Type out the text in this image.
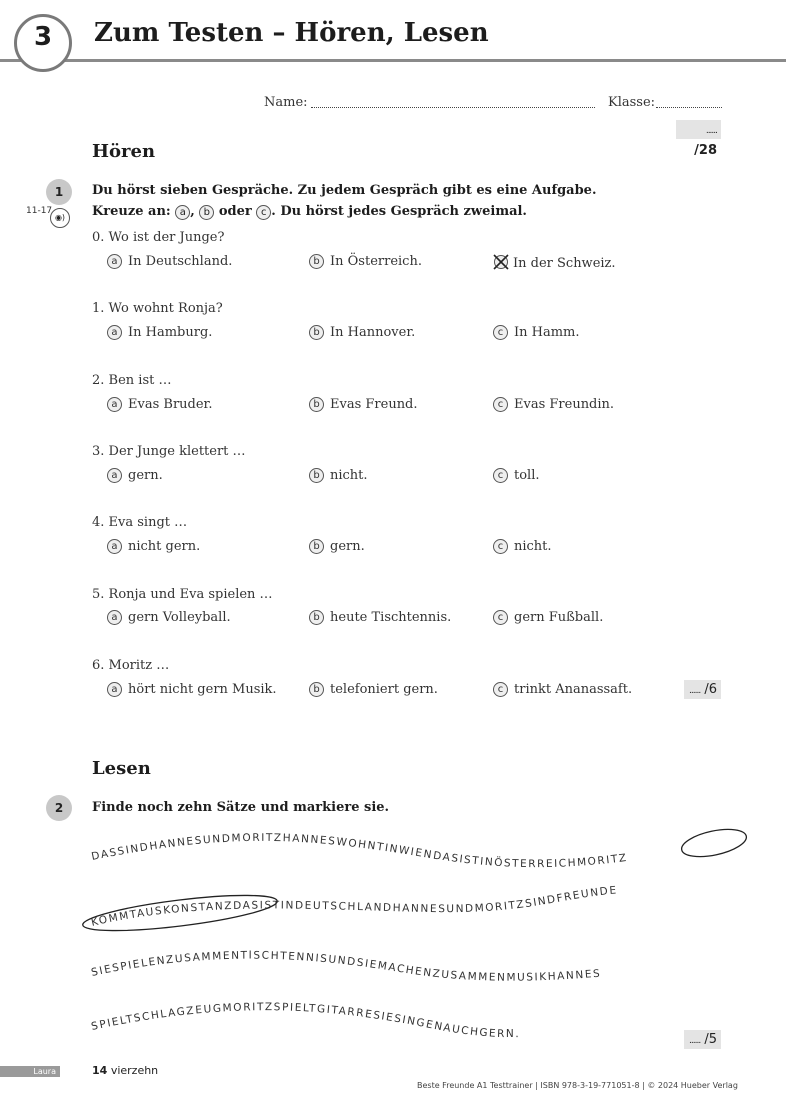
3	Zum Testen – Hören, Lesen
Name:	Klasse:
...... /28
Hören
1
11-17
◉)
Du hörst sieben Gespräche. Zu jedem Gespräch gibt es eine Aufgabe.
Kreuze an: a , b oder c . Du hörst jedes Gespräch zweimal.
0. Wo ist der Junge?
a In Deutschland.	b In Österreich.	In der Schweiz.
1. Wo wohnt Ronja?
a In Hamburg.	b In Hannover.	c In Hamm.
2. Ben ist …
a Evas Bruder.	b Evas Freund.	c Evas Freundin.
3. Der Junge klettert …
a gern.	b nicht.	c toll.
4. Eva singt …
a nicht gern.	b gern.	c nicht.
5. Ronja und Eva spielen …
a gern Volleyball.	b heute Tischtennis.	c gern Fußball.
6. Moritz …
a hört nicht gern Musik.	b telefoniert gern.	c trinkt Ananassaft.	...... /6
Lesen
2	Finde noch zehn Sätze und markiere sie.
DASSINDHANNESUNDMORITZHANNESWOHNTINWIENDASISTINÖSTERREICHMORITZ
KOMMTAUSKONSTANZDASISTINDEUTSCHLANDHANNESUNDMORITZSINDFREUNDE
SIESPIELENZUSAMMENTISCHTENNISUNDSIEMACHENZUSAMMENMUSIKHANNES
SPIELTSCHLAGZEUGMORITZSPIELTGITARRESIESINGENAUCHGERN.
...... /5
Laura	14 vierzehn
Beste Freunde A1 Testtrainer | ISBN 978-3-19-771051-8 | © 2024 Hueber Verlag
